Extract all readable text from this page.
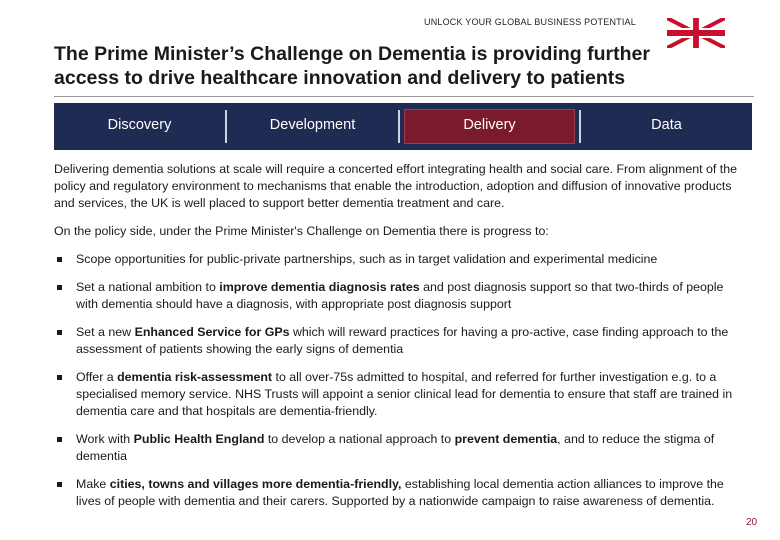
UNLOCK YOUR GLOBAL BUSINESS POTENTIAL
The Prime Minister’s Challenge on Dementia is providing further
access to drive healthcare innovation and delivery to patients
Discovery	Development	Delivery	Data

Delivering dementia solutions at scale will require a concerted effort integrating health and social care. From alignment of the policy and regulatory environment to mechanisms that enable the introduction, adoption and diffusion of innovative products and services, the UK is well placed to support better dementia treatment and care.

On the policy side, under the Prime Minister's Challenge on Dementia there is progress to:

Scope opportunities for public-private partnerships, such as in target validation and experimental medicine
Set a national ambition to improve dementia diagnosis rates and post diagnosis support so that two-thirds of people with dementia should have a diagnosis, with appropriate post diagnosis support
Set a new Enhanced Service for GPs which will reward practices for having a pro-active, case finding approach to the assessment of patients showing the early signs of dementia
Offer a dementia risk-assessment to all over-75s admitted to hospital, and referred for further investigation e.g. to a specialised memory service. NHS Trusts will appoint a senior clinical lead for dementia to ensure that staff are trained in dementia care and that hospitals are dementia-friendly.
Work with Public Health England to develop a national approach to prevent dementia, and to reduce the stigma of dementia
Make cities, towns and villages more dementia-friendly, establishing local dementia action alliances to improve the lives of people with dementia and their carers. Supported by a nationwide campaign to raise awareness of dementia.
20
